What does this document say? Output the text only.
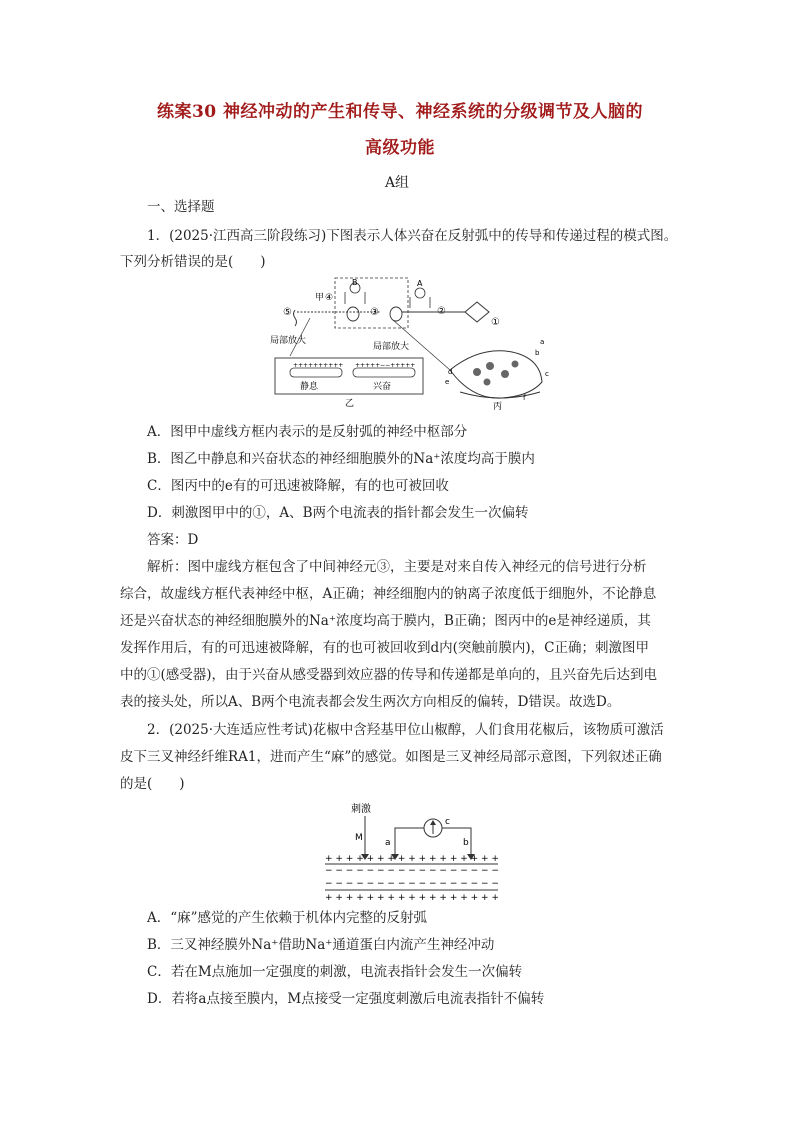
练案30 神经冲动的产生和传导、神经系统的分级调节及人脑的
高级功能
A组
一、选择题
1．(2025·江西高三阶段练习)下图表示人体兴奋在反射弧中的传导和传递过程的模式图。
下列分析错误的是(　　)
甲 ④
⑤
B
③
A
②
①
局部放大
局部放大
++++++++++
静息
+++++−−+++++
兴奋
乙
a
b
c
d
e
f
丙
A．图甲中虚线方框内表示的是反射弧的神经中枢部分
B．图乙中静息和兴奋状态的神经细胞膜外的Na⁺浓度均高于膜内
C．图丙中的e有的可迅速被降解，有的也可被回收
D．刺激图甲中的①，A、B两个电流表的指针都会发生一次偏转
答案：D
解析：图中虚线方框包含了中间神经元③，主要是对来自传入神经元的信号进行分析
综合，故虚线方框代表神经中枢，A正确；神经细胞内的钠离子浓度低于细胞外，不论静息
还是兴奋状态的神经细胞膜外的Na⁺浓度均高于膜内，B正确；图丙中的e是神经递质，其
发挥作用后，有的可迅速被降解，有的也可被回收到d内(突触前膜内)，C正确；刺激图甲
中的①(感受器)，由于兴奋从感受器到效应器的传导和传递都是单向的，且兴奋先后达到电
表的接头处，所以A、B两个电流表都会发生两次方向相反的偏转，D错误。故选D。
2．(2025·大连适应性考试)花椒中含羟基甲位山椒醇，人们食用花椒后，该物质可激活
皮下三叉神经纤维RA1，进而产生“麻”的感觉。如图是三叉神经局部示意图，下列叙述正确
的是(　　)
刺激
M
c
a	b
+ + + + + + + + + + + + + + + + +
− − − − − − − − − − − − − − − − −
− − − − − − − − − − − − − − − − −
+ + + + + + + + + + + + + + + + +
A．“麻”感觉的产生依赖于机体内完整的反射弧
B．三叉神经膜外Na⁺借助Na⁺通道蛋白内流产生神经冲动
C．若在M点施加一定强度的刺激，电流表指针会发生一次偏转
D．若将a点接至膜内，M点接受一定强度刺激后电流表指针不偏转
